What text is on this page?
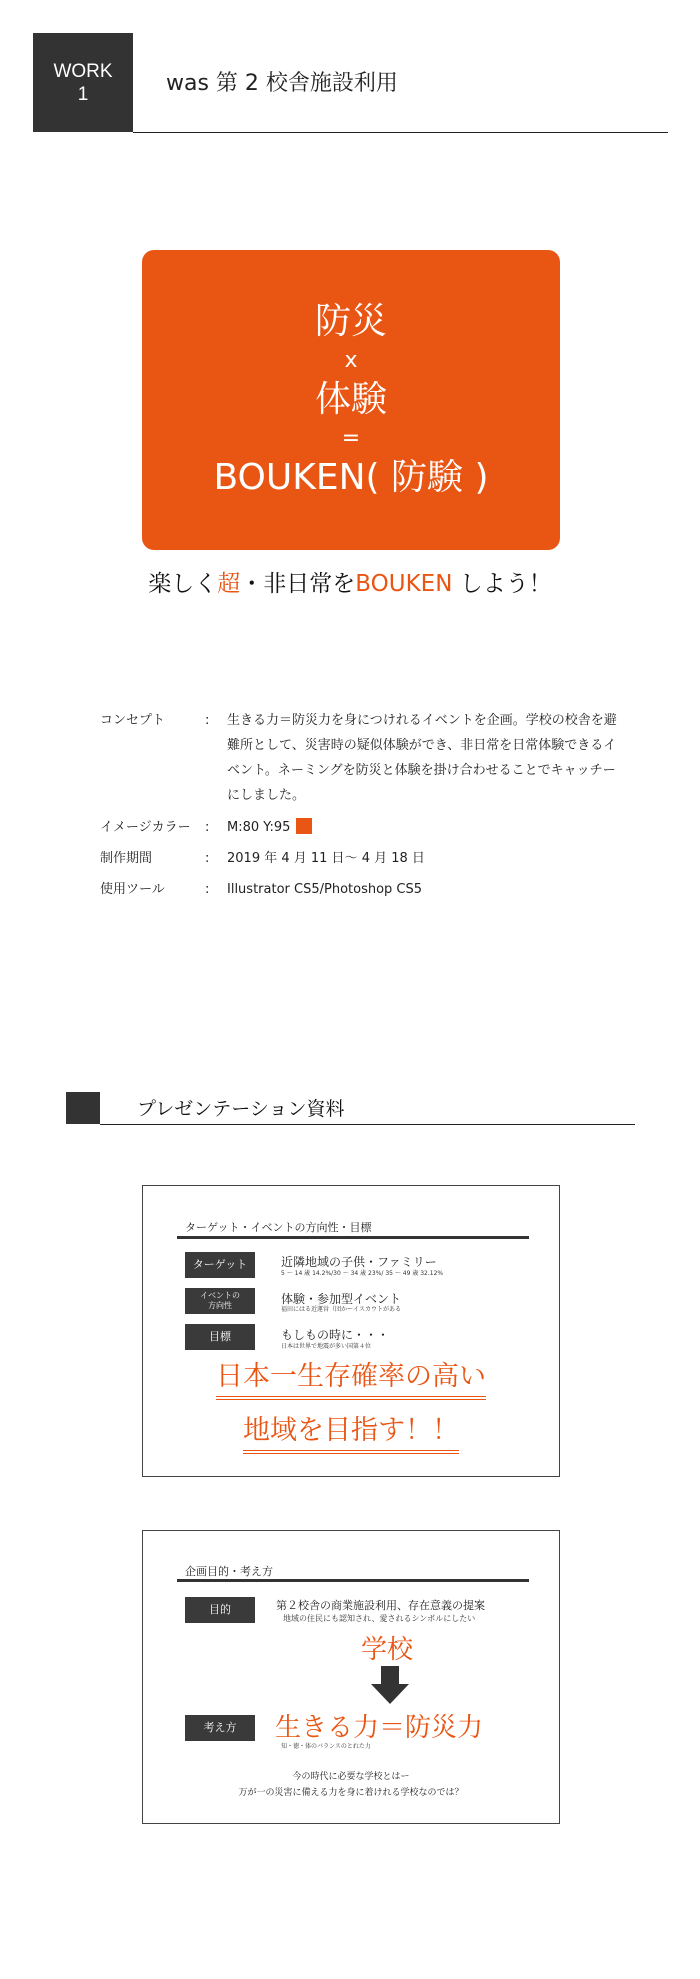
WORK
1	was 第 2 校舎施設利用
防災
x
体験
=
BOUKEN( 防験 )
楽しく超・非日常をBOUKEN しよう！
コンセプト	:	生きる力＝防災力を身につけれるイベントを企画。学校の校舎を避難所として、災害時の疑似体験ができ、非日常を日常体験できるイベント。ネーミングを防災と体験を掛け合わせることでキャッチーにしました。
イメージカラー	:	M:80 Y:95
制作期間	:	2019 年 4 月 11 日〜 4 月 18 日
使用ツール	:	Illustrator CS5/Photoshop CS5
プレゼンテーション資料
ターゲット・イベントの方向性・目標
ターゲット	近隣地域の子供・ファミリー
5 〜 14 歳 14.2%/30 〜 34 歳 23%/ 35 〜 49 歳 32.12%
イベントの
方向性	体験・参加型イベント
福田にはる近運営（団かーイスカウトがある
目標	もしもの時に・・・
日本は世界で地震が多い国第４位
日本一生存確率の高い
地域を目指す！！
企画目的・考え方
目的	第２校舎の商業施設利用、存在意義の提案
地域の住民にも認知され、愛されるシンボルにしたい
学校
考え方	生きる力＝防災力
知・徳・体のバランスのとれた力
今の時代に必要な学校とはー
万が一の災害に備える力を身に着けれる学校なのでは？
